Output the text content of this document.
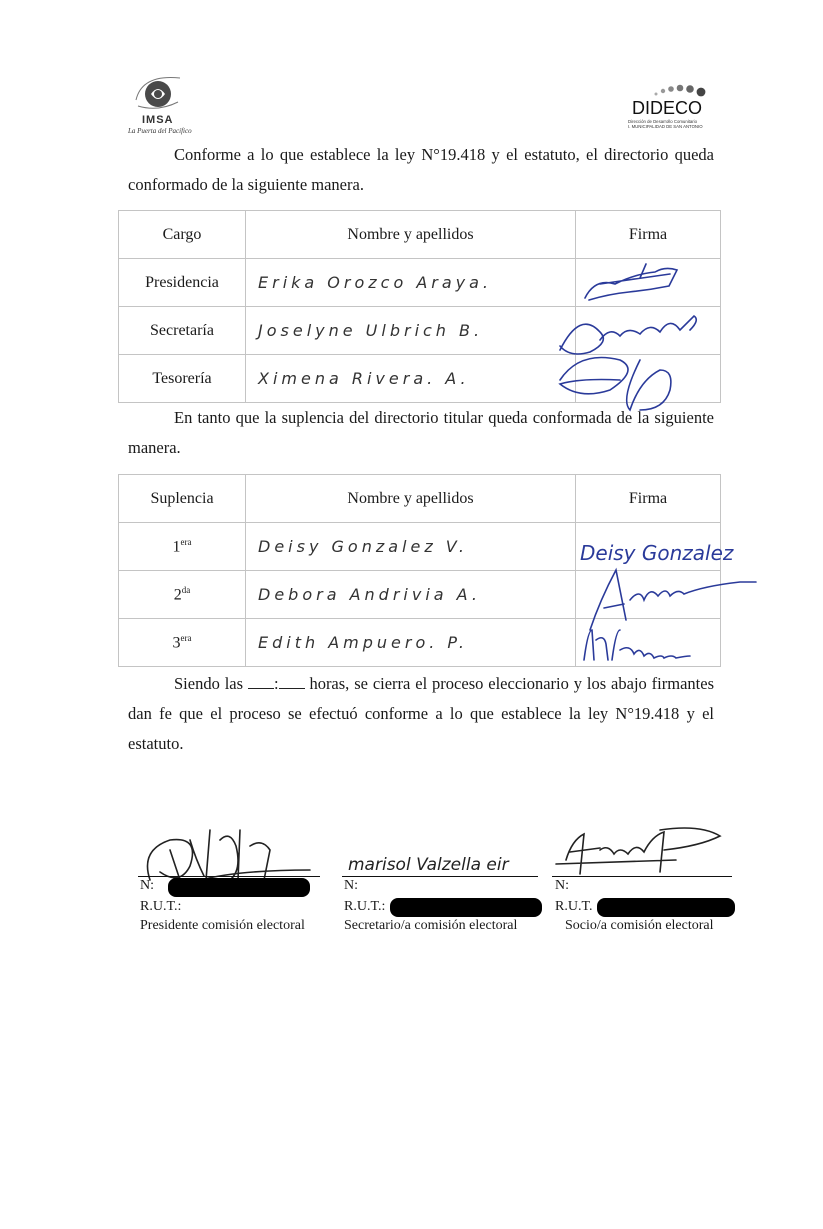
IMSA
La Puerta del Pacífico
DIDECO
Dirección de Desarrollo Comunitario
I. MUNICIPALIDAD DE SAN ANTONIO
Conforme a lo que establece la ley N°19.418 y el estatuto, el directorio queda conformado de la siguiente manera.
Cargo	Nombre y apellidos	Firma
Presidencia	Erika Orozco Araya.	
Secretaría	Joselyne Ulbrich B.	
Tesorería	Ximena Rivera. A.	
En tanto que la suplencia del directorio titular queda conformada de la siguiente manera.
Suplencia	Nombre y apellidos	Firma
$1^{era}$	Deisy Gonzalez V.	
$2^{da}$	Debora Andrivia A.	
$3^{era}$	Edith Ampuero. P.	
Siendo las : horas, se cierra el proceso eleccionario y los abajo firmantes dan fe que el proceso se efectuó conforme a lo que establece la ley N°19.418 y el estatuto.
Deisy Gonzalez
marisol Valzella eir
N:
R.U.T.:
Presidente comisión electoral
N:
R.U.T.:
Secretario/a comisión electoral
N:
R.U.T.
Socio/a comisión electoral
